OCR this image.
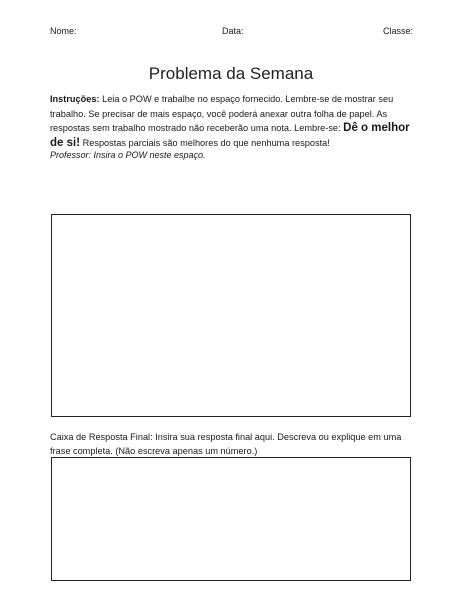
Nome:	Data:	Classe:
Problema da Semana
Instruções: Leia o POW e trabalhe no espaço fornecido. Lembre-se de mostrar seu trabalho. Se precisar de mais espaço, você poderá anexar outra folha de papel. As respostas sem trabalho mostrado não receberão uma nota. Lembre-se: Dê o melhor de si! Respostas parciais são melhores do que nenhuma resposta!
Professor: Insira o POW neste espaço.
Caixa de Resposta Final: Insira sua resposta final aqui. Descreva ou explique em uma frase completa. (Não escreva apenas um número.)
